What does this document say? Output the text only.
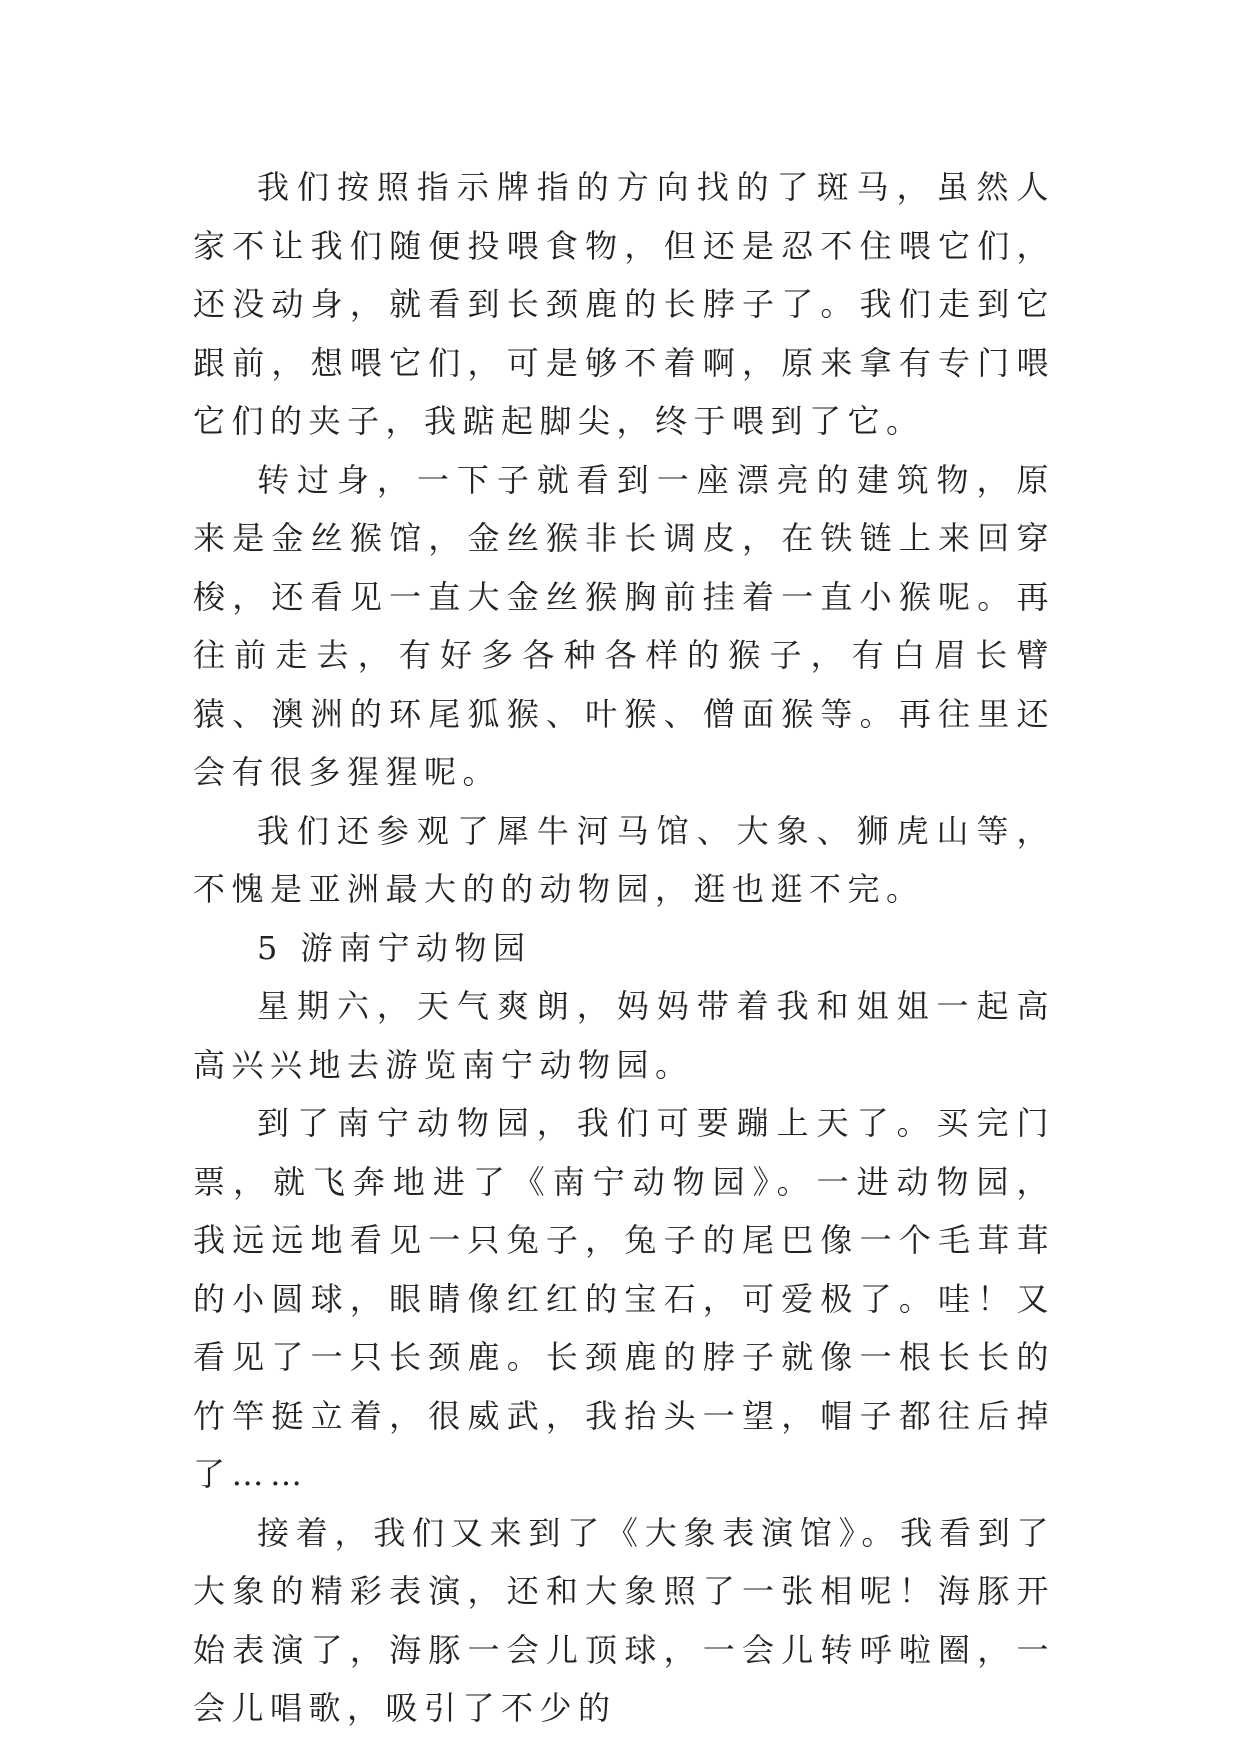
我们按照指示牌指的方向找的了斑马，虽然人家不让我们随便投喂食物，但还是忍不住喂它们，还没动身，就看到长颈鹿的长脖子了。我们走到它跟前，想喂它们，可是够不着啊，原来拿有专门喂它们的夹子，我踮起脚尖，终于喂到了它。

转过身，一下子就看到一座漂亮的建筑物，原来是金丝猴馆，金丝猴非长调皮，在铁链上来回穿梭，还看见一直大金丝猴胸前挂着一直小猴呢。再往前走去，有好多各种各样的猴子，有白眉长臂猿、澳洲的环尾狐猴、叶猴、僧面猴等。再往里还会有很多猩猩呢。

我们还参观了犀牛河马馆、大象、狮虎山等，不愧是亚洲最大的的动物园，逛也逛不完。

5 游南宁动物园

星期六，天气爽朗，妈妈带着我和姐姐一起高高兴兴地去游览南宁动物园。

到了南宁动物园，我们可要蹦上天了。买完门票，就飞奔地进了《南宁动物园》。一进动物园，我远远地看见一只兔子，兔子的尾巴像一个毛茸茸的小圆球，眼睛像红红的宝石，可爱极了。哇！又看见了一只长颈鹿。长颈鹿的脖子就像一根长长的竹竿挺立着，很威武，我抬头一望，帽子都往后掉了……

接着，我们又来到了《大象表演馆》。我看到了大象的精彩表演，还和大象照了一张相呢！海豚开始表演了，海豚一会儿顶球，一会儿转呼啦圈，一会儿唱歌，吸引了不少的
